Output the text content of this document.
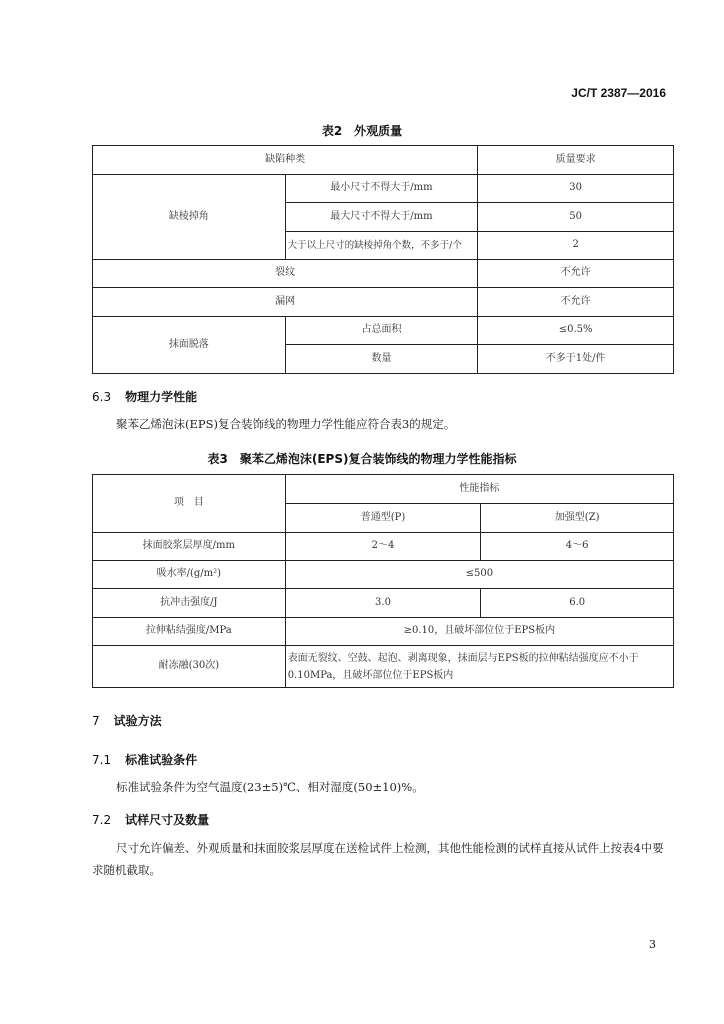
JC/T 2387—2016
表2　外观质量
缺陷种类		质量要求
缺棱掉角	最小尺寸不得大于/mm	30
	最大尺寸不得大于/mm	50
	大于以上尺寸的缺棱掉角个数，不多于/个	2
裂纹		不允许
漏网		不允许
抹面脱落	占总面积	≤0.5%
	数量	不多于1处/件
6.3 物理力学性能
聚苯乙烯泡沫(EPS)复合装饰线的物理力学性能应符合表3的规定。
表3　聚苯乙烯泡沫(EPS)复合装饰线的物理力学性能指标
项　目	性能指标	
	普通型(P)	加强型(Z)
抹面胶浆层厚度/mm	2～4	4～6
吸水率/(g/m²)	≤500	
抗冲击强度/J	3.0	6.0
拉伸粘结强度/MPa	≥0.10，且破坏部位位于EPS板内	
耐冻融(30次)	表面无裂纹、空鼓、起泡、剥离现象，抹面层与EPS板的拉伸粘结强度应不小于0.10MPa，且破坏部位位于EPS板内	
7 试验方法
7.1 标准试验条件
标准试验条件为空气温度(23±5)℃、相对湿度(50±10)%。
7.2 试样尺寸及数量
尺寸允许偏差、外观质量和抹面胶浆层厚度在送检试件上检测，其他性能检测的试样直接从试件上按表4中要求随机截取。
3
